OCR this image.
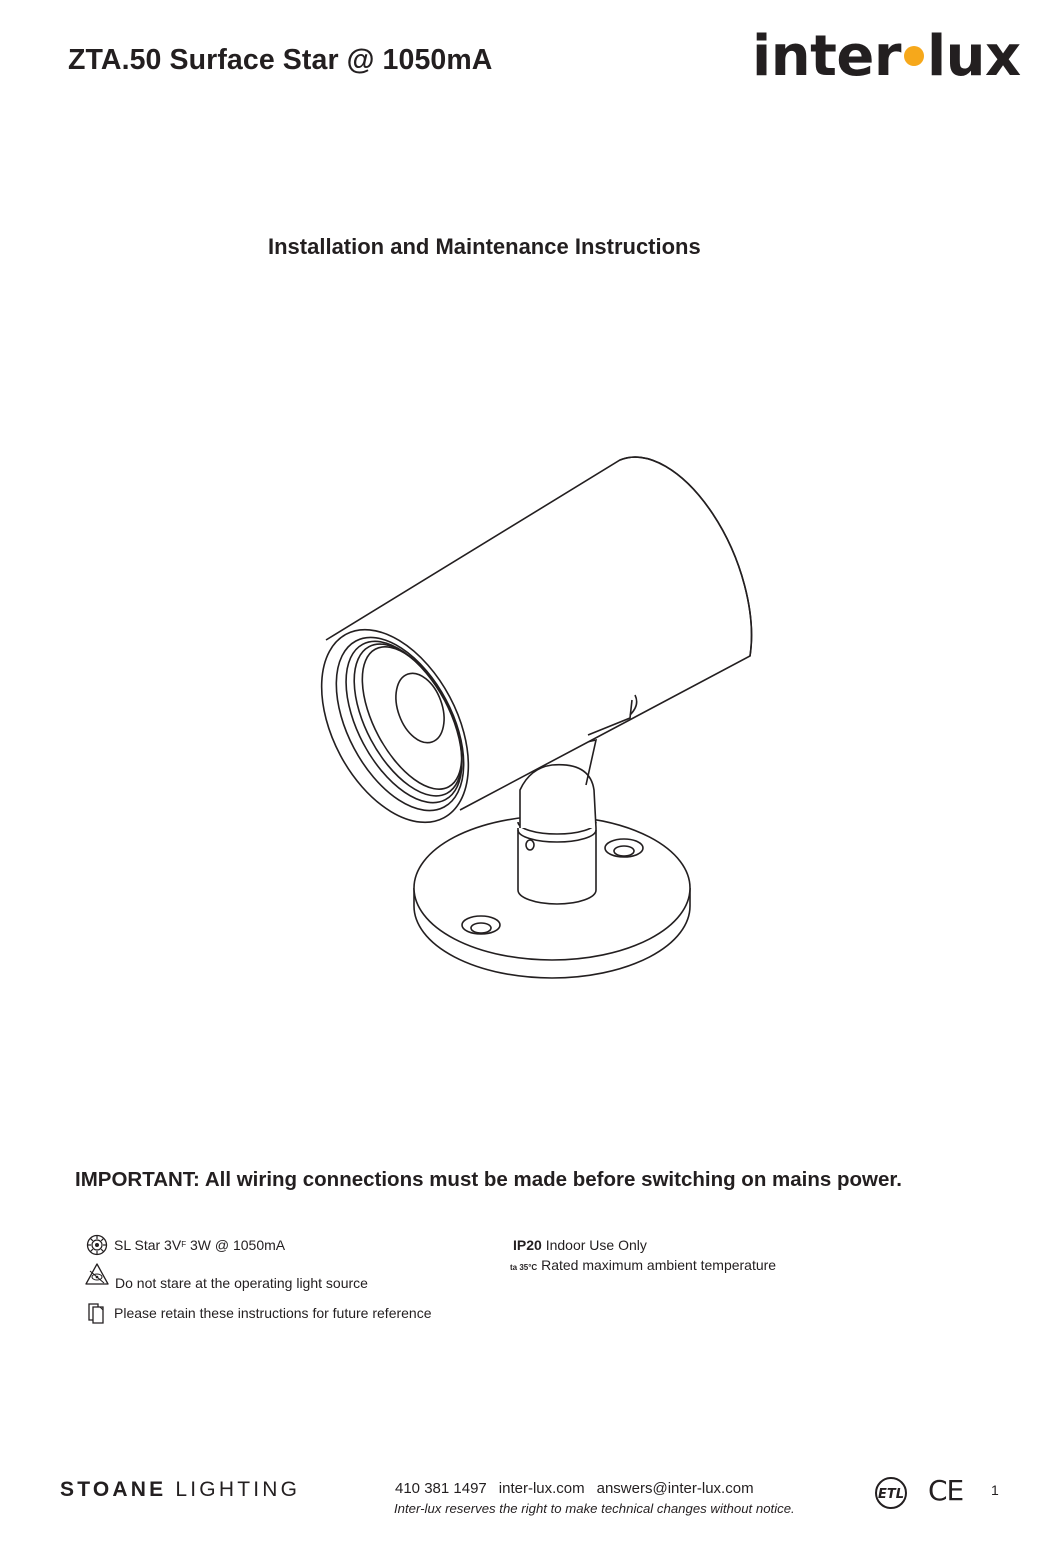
ZTA.50 Surface Star @ 1050mA	inter lux
Installation and Maintenance Instructions
IMPORTANT: All wiring connections must be made before switching on mains power.
SL Star $3V_F$ 3W @ 1050mA
Do not stare at the operating light source
Please retain these instructions for future reference
IP20 Indoor Use Only
ta 35°C Rated maximum ambient temperature
STOANE LIGHTING	410 381 1497 inter-lux.com answers@inter-lux.com
Inter-lux reserves the right to make technical changes without notice.
ETL CE 1
